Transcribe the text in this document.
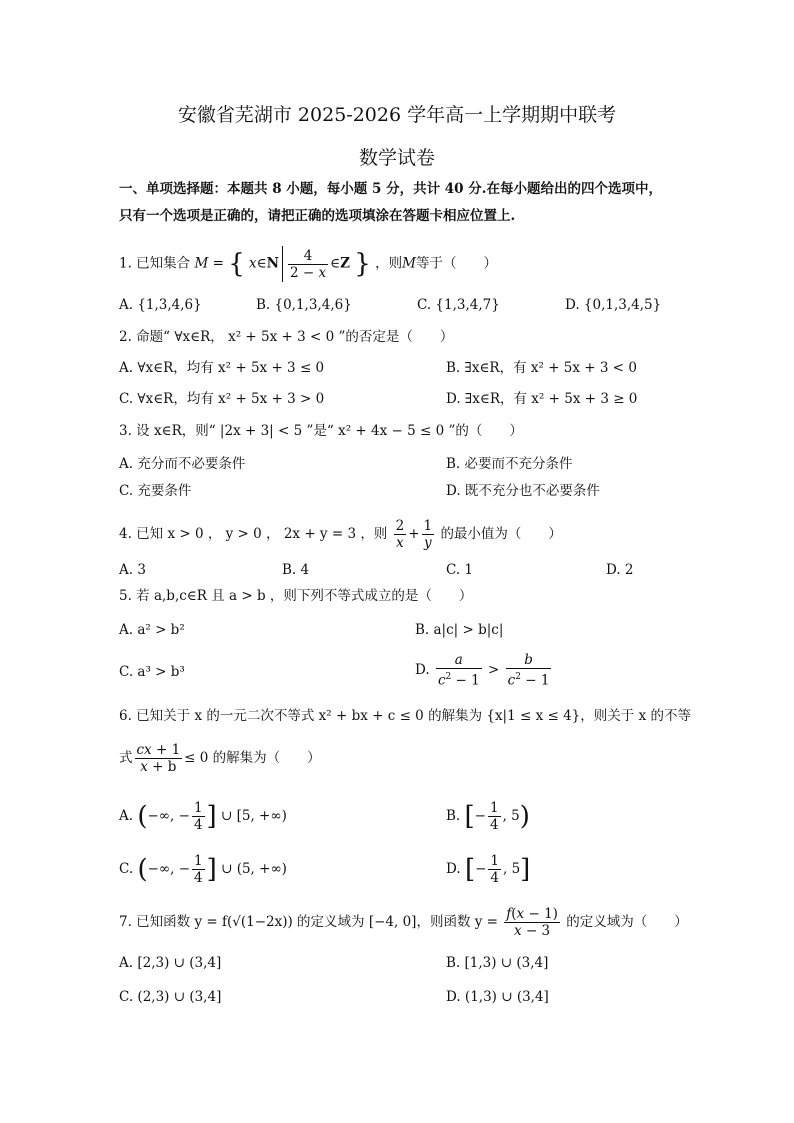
安徽省芜湖市 2025-2026 学年高一上学期期中联考
数学试卷
一、单项选择题：本题共 8 小题，每小题 5 分，共计 40 分.在每小题给出的四个选项中，
只有一个选项是正确的，请把正确的选项填涂在答题卡相应位置上.
1. 已知集合 M = { x∈N $\frac{4}{2 - x}$ ∈Z } ，则M等于（　　）
A. {1,3,4,6}	B. {0,1,3,4,6}	C. {1,3,4,7}	D. {0,1,3,4,5}
2. 命题“ ∀x∈R， x² + 5x + 3 < 0 ”的否定是（　　）
A. ∀x∈R，均有 x² + 5x + 3 ≤ 0	B. ∃x∈R，有 x² + 5x + 3 < 0
C. ∀x∈R，均有 x² + 5x + 3 > 0	D. ∃x∈R，有 x² + 5x + 3 ≥ 0
3. 设 x∈R，则“ |2x + 3| < 5 ”是“ x² + 4x − 5 ≤ 0 ”的（　　）
A. 充分而不必要条件	B. 必要而不充分条件
C. 充要条件	D. 既不充分也不必要条件
4. 已知 x > 0 ， y > 0 ， 2x + y = 3 ，则 $\frac{2}{x} + \frac{1}{y}$ 的最小值为（　　）
A. 3	B. 4	C. 1	D. 2
5. 若 a,b,c∈R 且 a > b ，则下列不等式成立的是（　　）
A. a² > b²	B. a|c| > b|c|
C. a³ > b³	D. $\frac{a}{c^2 - 1} > \frac{b}{c^2 - 1}$
6. 已知关于 x 的一元二次不等式 x² + bx + c ≤ 0 的解集为 {x|1 ≤ x ≤ 4}，则关于 x 的不等
式 $\frac{cx + 1}{x + b} \le 0$ 的解集为（　　）
A. (−∞, − $\frac{1}{4}$ ] ∪ [5, +∞)	B. [− $\frac{1}{4}$ , 5)
C. (−∞, − $\frac{1}{4}$ ] ∪ (5, +∞)	D. [− $\frac{1}{4}$ , 5]
7. 已知函数 y = f(√(1−2x)) 的定义域为 [−4, 0]，则函数 $y = \frac{f(x - 1)}{x - 3}$ 的定义域为（　　）
A. [2,3) ∪ (3,4]	B. [1,3) ∪ (3,4]
C. (2,3) ∪ (3,4]	D. (1,3) ∪ (3,4]
